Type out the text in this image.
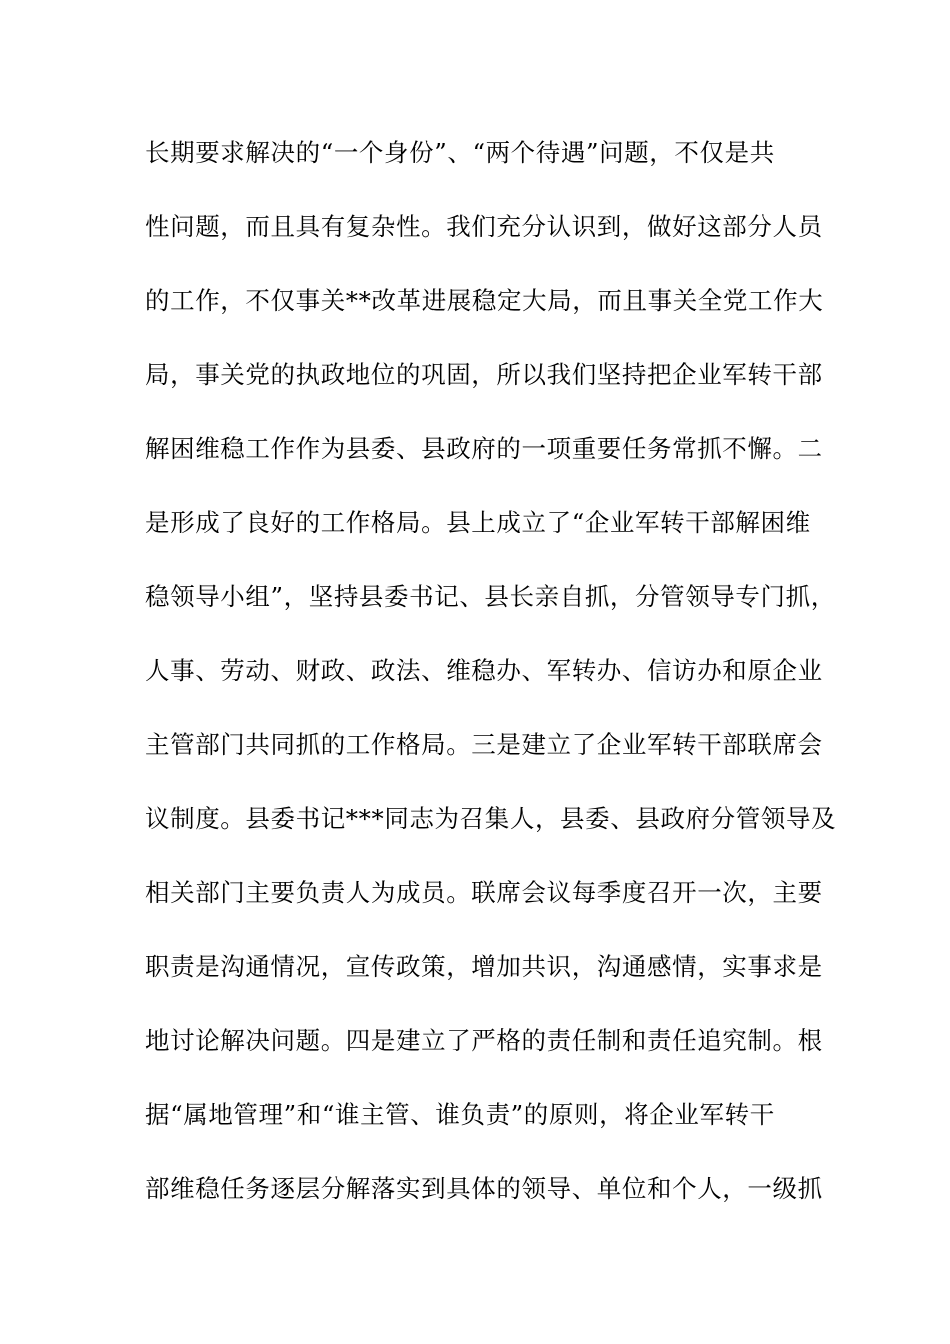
长期要求解决的“一个身份”、“两个待遇”问题，不仅是共
性问题，而且具有复杂性。我们充分认识到，做好这部分人员
的工作，不仅事关**改革进展稳定大局，而且事关全党工作大
局，事关党的执政地位的巩固，所以我们坚持把企业军转干部
解困维稳工作作为县委、县政府的一项重要任务常抓不懈。二
是形成了良好的工作格局。县上成立了“企业军转干部解困维
稳领导小组”，坚持县委书记、县长亲自抓，分管领导专门抓，
人事、劳动、财政、政法、维稳办、军转办、信访办和原企业
主管部门共同抓的工作格局。三是建立了企业军转干部联席会
议制度。县委书记***同志为召集人，县委、县政府分管领导及
相关部门主要负责人为成员。联席会议每季度召开一次，主要
职责是沟通情况，宣传政策，增加共识，沟通感情，实事求是
地讨论解决问题。四是建立了严格的责任制和责任追究制。根
据“属地管理”和“谁主管、谁负责”的原则，将企业军转干
部维稳任务逐层分解落实到具体的领导、单位和个人，一级抓
